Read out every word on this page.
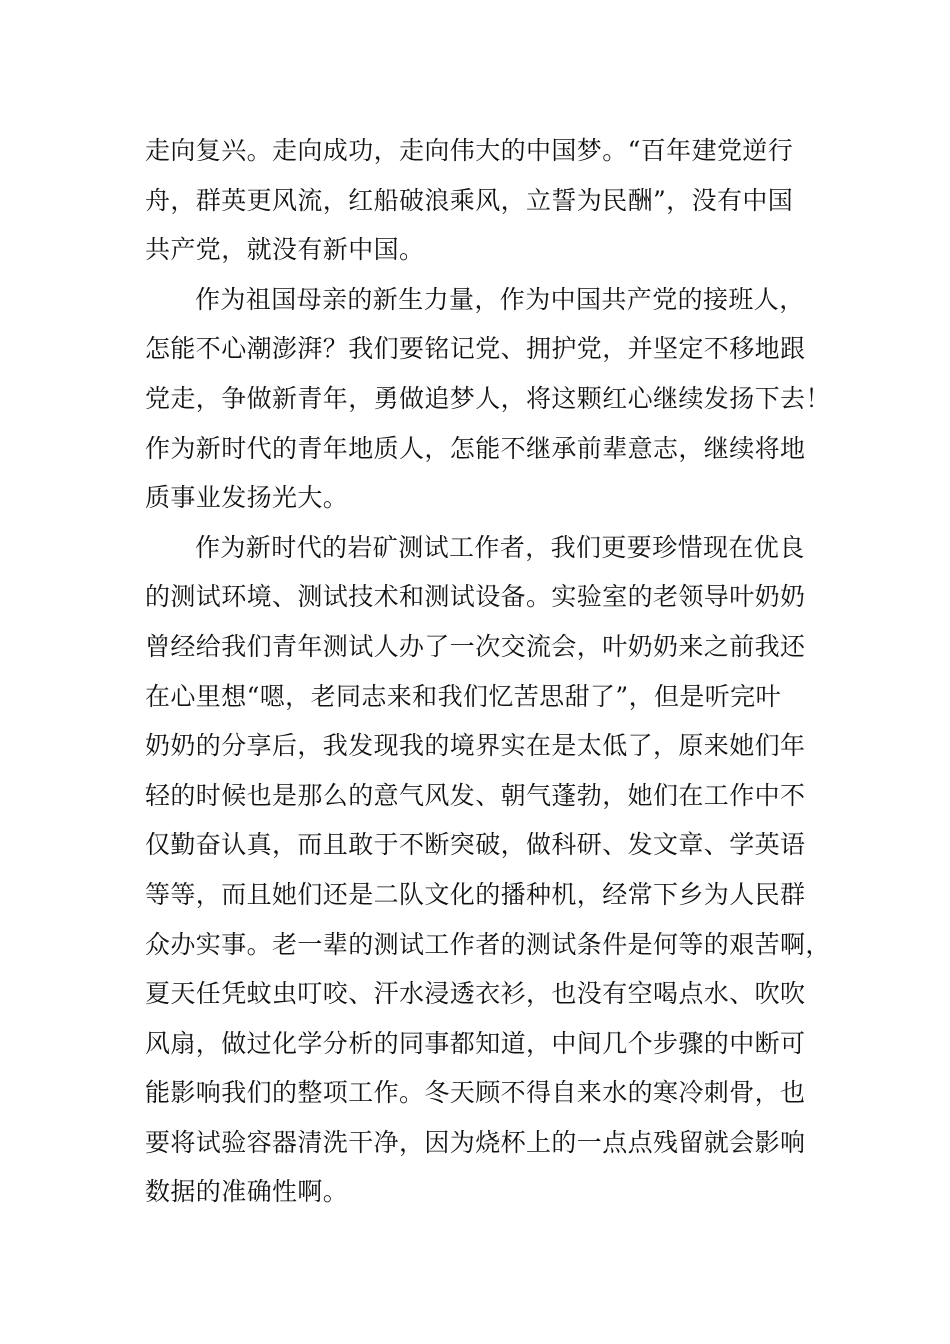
走向复兴。走向成功，走向伟大的中国梦。“百年建党逆行
舟，群英更风流，红船破浪乘风，立誓为民酬”，没有中国
共产党，就没有新中国。
作为祖国母亲的新生力量，作为中国共产党的接班人，
怎能不心潮澎湃？我们要铭记党、拥护党，并坚定不移地跟
党走，争做新青年，勇做追梦人，将这颗红心继续发扬下去！
作为新时代的青年地质人，怎能不继承前辈意志，继续将地
质事业发扬光大。
作为新时代的岩矿测试工作者，我们更要珍惜现在优良
的测试环境、测试技术和测试设备。实验室的老领导叶奶奶
曾经给我们青年测试人办了一次交流会，叶奶奶来之前我还
在心里想“嗯，老同志来和我们忆苦思甜了”，但是听完叶
奶奶的分享后，我发现我的境界实在是太低了，原来她们年
轻的时候也是那么的意气风发、朝气蓬勃，她们在工作中不
仅勤奋认真，而且敢于不断突破，做科研、发文章、学英语
等等，而且她们还是二队文化的播种机，经常下乡为人民群
众办实事。老一辈的测试工作者的测试条件是何等的艰苦啊，
夏天任凭蚊虫叮咬、汗水浸透衣衫，也没有空喝点水、吹吹
风扇，做过化学分析的同事都知道，中间几个步骤的中断可
能影响我们的整项工作。冬天顾不得自来水的寒冷刺骨，也
要将试验容器清洗干净，因为烧杯上的一点点残留就会影响
数据的准确性啊。
